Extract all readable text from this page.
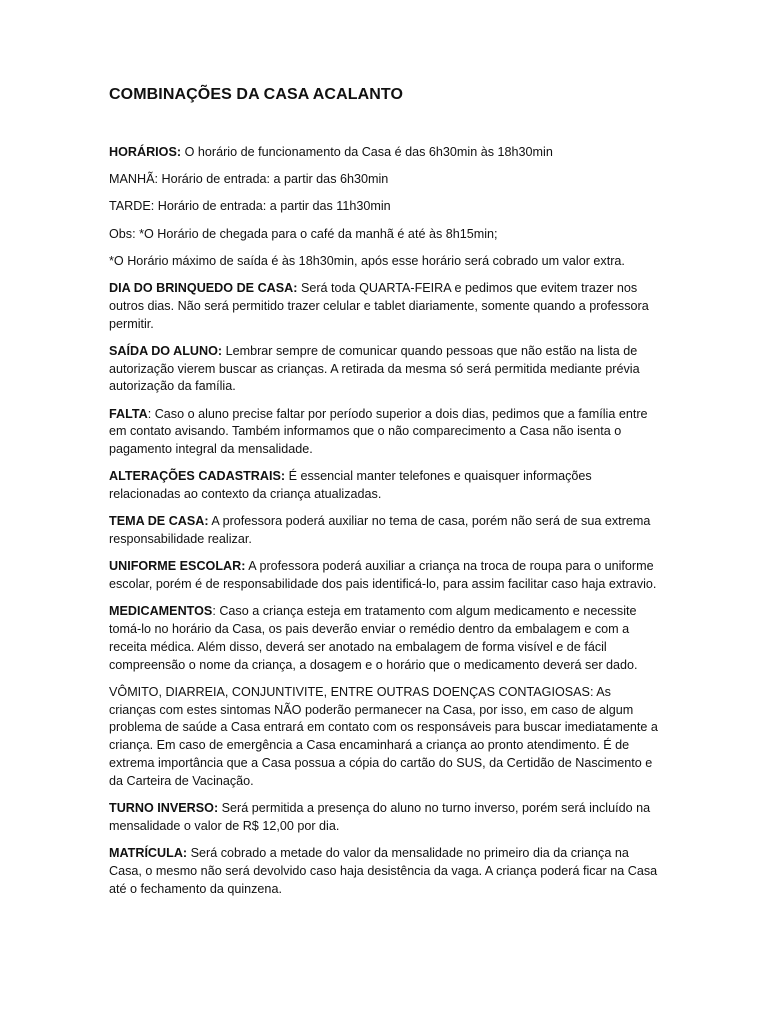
COMBINAÇÕES DA CASA ACALANTO

HORÁRIOS: O horário de funcionamento da Casa é das 6h30min às 18h30min

MANHÃ: Horário de entrada: a partir das 6h30min

TARDE: Horário de entrada: a partir das 11h30min

Obs: *O Horário de chegada para o café da manhã é até às 8h15min;

*O Horário máximo de saída é às 18h30min, após esse horário será cobrado um valor extra.

DIA DO BRINQUEDO DE CASA: Será toda QUARTA-FEIRA e pedimos que evitem trazer nos outros dias. Não será permitido trazer celular e tablet diariamente, somente quando a professora permitir.

SAÍDA DO ALUNO: Lembrar sempre de comunicar quando pessoas que não estão na lista de autorização vierem buscar as crianças. A retirada da mesma só será permitida mediante prévia autorização da família.

FALTA: Caso o aluno precise faltar por período superior a dois dias, pedimos que a família entre em contato avisando. Também informamos que o não comparecimento a Casa não isenta o pagamento integral da mensalidade.

ALTERAÇÕES CADASTRAIS: É essencial manter telefones e quaisquer informações relacionadas ao contexto da criança atualizadas.

TEMA DE CASA: A professora poderá auxiliar no tema de casa, porém não será de sua extrema responsabilidade realizar.

UNIFORME ESCOLAR: A professora poderá auxiliar a criança na troca de roupa para o uniforme escolar, porém é de responsabilidade dos pais identificá-lo, para assim facilitar caso haja extravio.

MEDICAMENTOS: Caso a criança esteja em tratamento com algum medicamento e necessite tomá-lo no horário da Casa, os pais deverão enviar o remédio dentro da embalagem e com a receita médica. Além disso, deverá ser anotado na embalagem de forma visível e de fácil compreensão o nome da criança, a dosagem e o horário que o medicamento deverá ser dado.

VÔMITO, DIARREIA, CONJUNTIVITE, ENTRE OUTRAS DOENÇAS CONTAGIOSAS: As crianças com estes sintomas NÃO poderão permanecer na Casa, por isso, em caso de algum problema de saúde a Casa entrará em contato com os responsáveis para buscar imediatamente a criança. Em caso de emergência a Casa encaminhará a criança ao pronto atendimento. É de extrema importância que a Casa possua a cópia do cartão do SUS, da Certidão de Nascimento e da Carteira de Vacinação.

TURNO INVERSO: Será permitida a presença do aluno no turno inverso, porém será incluído na mensalidade o valor de R$ 12,00 por dia.

MATRÍCULA: Será cobrado a metade do valor da mensalidade no primeiro dia da criança na Casa, o mesmo não será devolvido caso haja desistência da vaga. A criança poderá ficar na Casa até o fechamento da quinzena.
